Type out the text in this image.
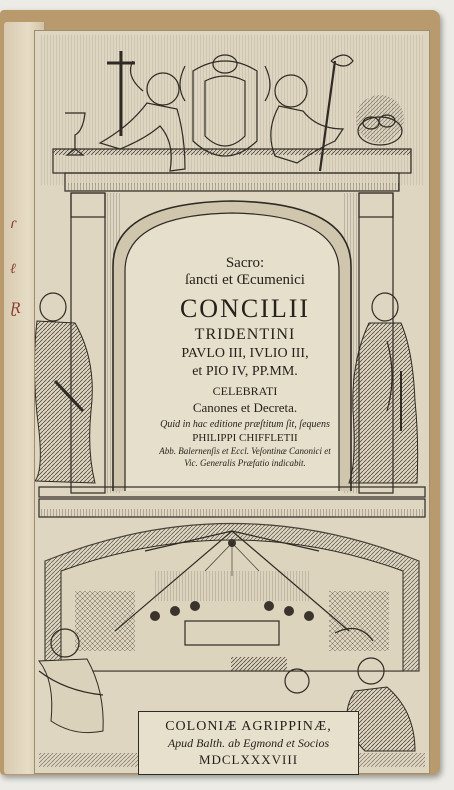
ɾ
ℓ
Ɽ
Sacro:
ſancti et Œcumenici
CONCILII
TRIDENTINI
PAVLO III, IVLIO III,
et PIO IV, PP.MM.
CELEBRATI
Canones et Decreta.
Quid in hac editione præſtitum ſit, ſequens
PHILIPPI CHIFFLETII
Abb. Balernenſis et Eccl. Veſontinæ Canonici et
Vic. Generalis Præfatio indicabit.
COLONIÆ AGRIPPINÆ,
Apud Balth. ab Egmond et Socios
MDCLXXXVIII
